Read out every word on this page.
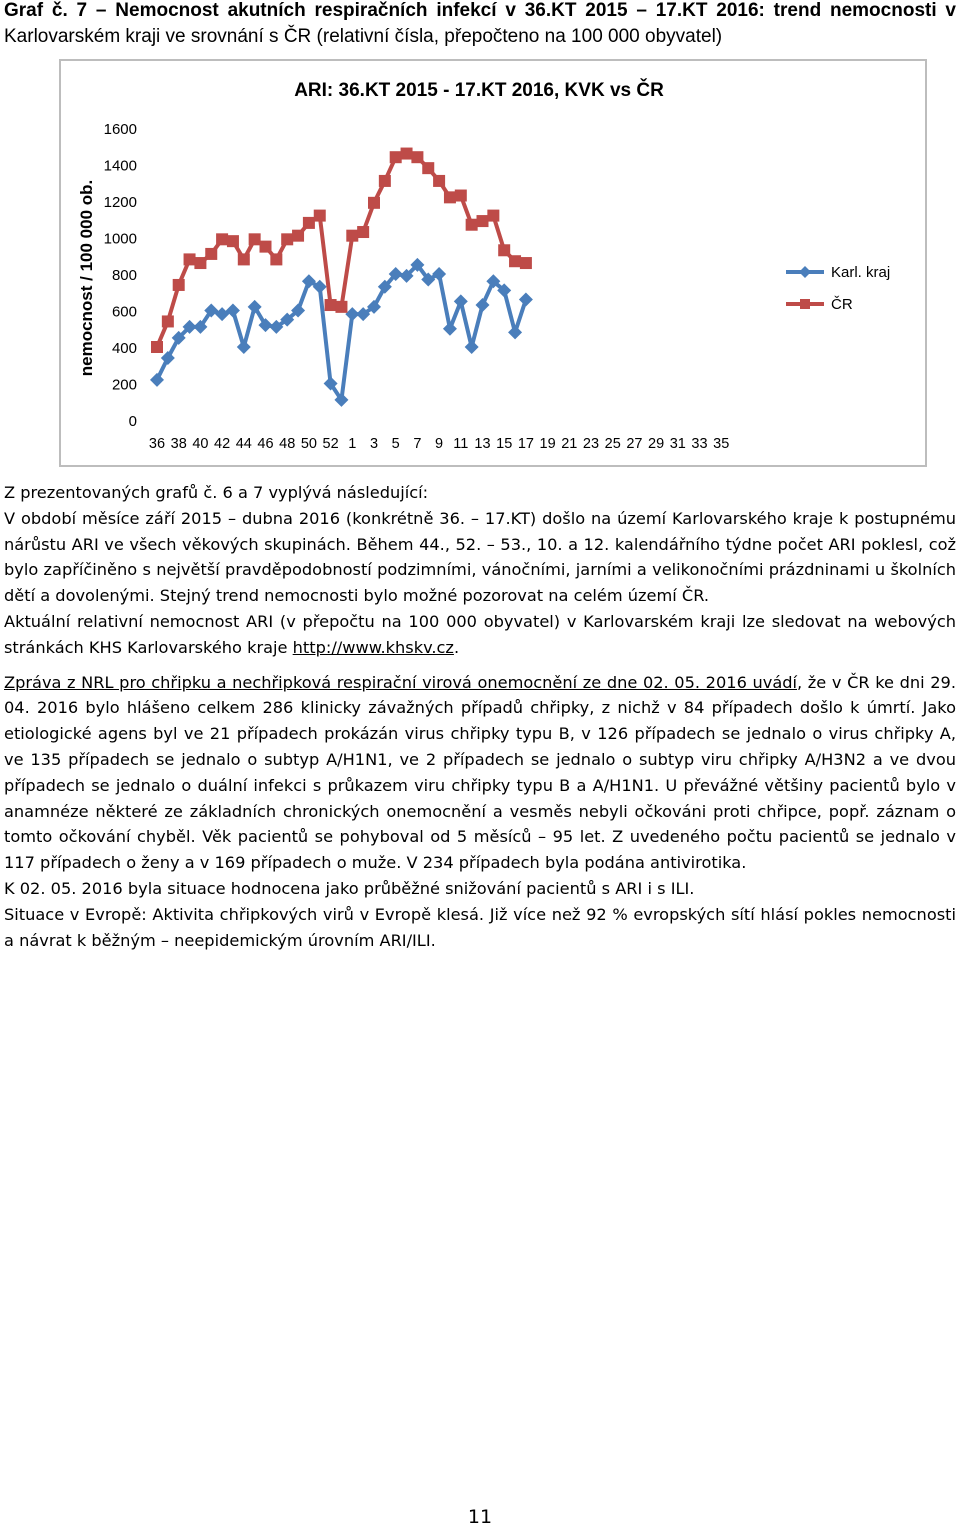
Graf č. 7 – Nemocnost akutních respiračních infekcí v 36.KT 2015 – 17.KT 2016: trend nemocnosti v
Karlovarském kraji ve srovnání s ČR (relativní čísla, přepočteno na 100 000 obyvatel)
ARI: 36.KT 2015 - 17.KT 2016, KVK vs ČR
nemocnost / 100 000 ob.
0
200
400
600
800
1000
1200
1400
1600
36 38 40 42 44 46 48 50 52 1 3 5 7 9 11 13 15 17 19 21 23 25 27 29 31 33 35
Karl. kraj
ČR

Z prezentovaných grafů č. 6 a 7 vyplývá následující:

V období měsíce září 2015 – dubna 2016 (konkrétně 36. – 17.KT) došlo na území Karlovarského kraje k postupnému nárůstu ARI ve všech věkových skupinách. Během 44., 52. – 53., 10. a 12. kalendářního týdne počet ARI poklesl, což bylo zapříčiněno s největší pravděpodobností podzimními, vánočními, jarními a velikonočními prázdninami u školních dětí a dovolenými. Stejný trend nemocnosti bylo možné pozorovat na celém území ČR.

Aktuální relativní nemocnost ARI (v přepočtu na 100 000 obyvatel) v Karlovarském kraji lze sledovat na webových stránkách KHS Karlovarského kraje http://www.khskv.cz.

Zpráva z NRL pro chřipku a nechřipková respirační virová onemocnění ze dne 02. 05. 2016 uvádí, že v ČR ke dni 29. 04. 2016 bylo hlášeno celkem 286 klinicky závažných případů chřipky, z nichž v 84 případech došlo k úmrtí. Jako etiologické agens byl ve 21 případech prokázán virus chřipky typu B, v 126 případech se jednalo o virus chřipky A, ve 135 případech se jednalo o subtyp A/H1N1, ve 2 případech se jednalo o subtyp viru chřipky A/H3N2 a ve dvou případech se jednalo o duální infekci s průkazem viru chřipky typu B a A/H1N1. U převážné většiny pacientů bylo v anamnéze některé ze základních chronických onemocnění a vesměs nebyli očkováni proti chřipce, popř. záznam o tomto očkování chyběl. Věk pacientů se pohyboval od 5 měsíců – 95 let. Z uvedeného počtu pacientů se jednalo v 117 případech o ženy a v 169 případech o muže. V 234 případech byla podána antivirotika.

K 02. 05. 2016 byla situace hodnocena jako průběžné snižování pacientů s ARI i s ILI.

Situace v Evropě: Aktivita chřipkových virů v Evropě klesá. Již více než 92 % evropských sítí hlásí pokles nemocnosti a návrat k běžným – neepidemickým úrovním ARI/ILI.

11
